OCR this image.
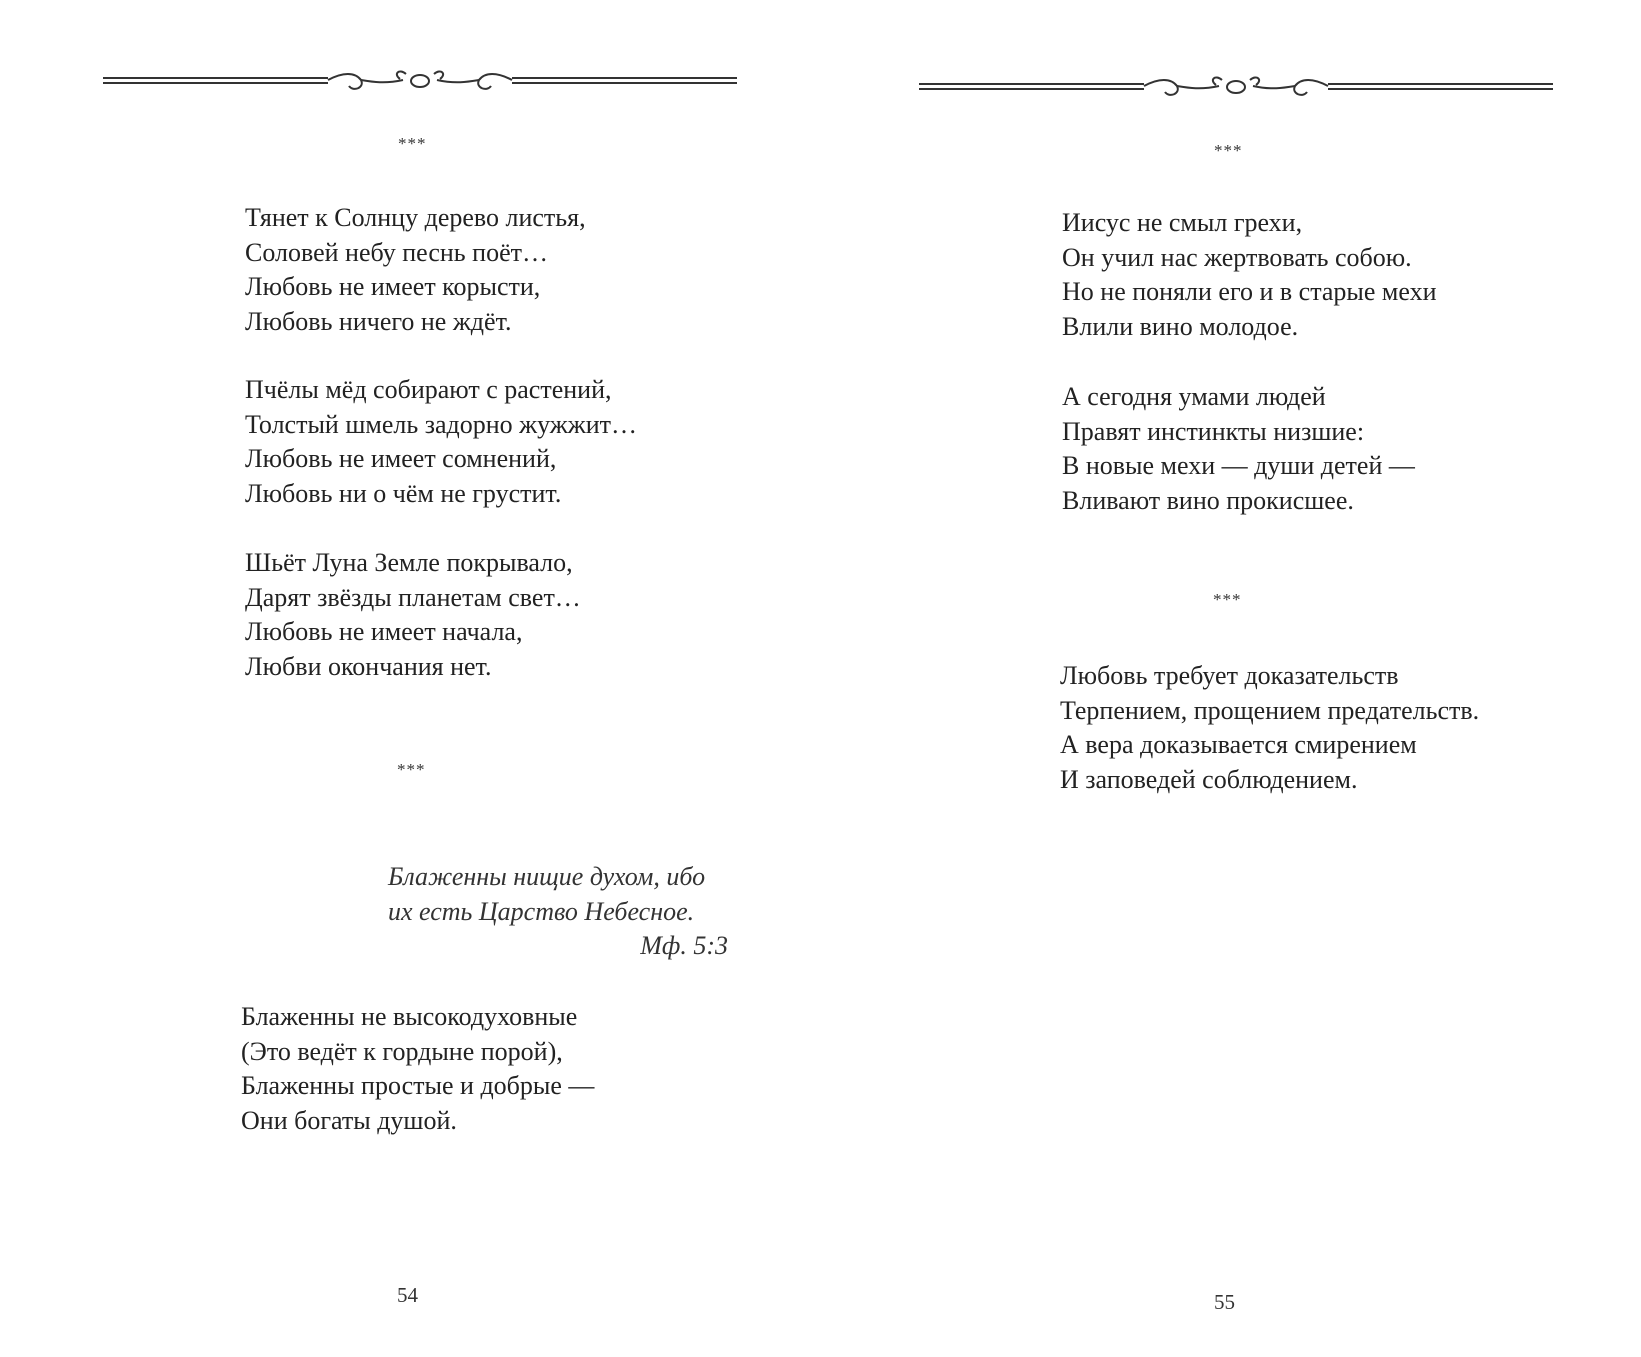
***
Тянет к Солнцу дерево листья,
Соловей небу песнь поёт…
Любовь не имеет корысти,
Любовь ничего не ждёт.
Пчёлы мёд собирают с растений,
Толстый шмель задорно жужжит…
Любовь не имеет сомнений,
Любовь ни о чём не грустит.
Шьёт Луна Земле покрывало,
Дарят звёзды планетам свет…
Любовь не имеет начала,
Любви окончания нет.
***
Блаженны нищие духом, ибо
их есть Царство Небесное.
Мф. 5:3
Блаженны не высокодуховные
(Это ведёт к гордыне порой),
Блаженны простые и добрые —
Они богаты душой.
54
***
Иисус не смыл грехи,
Он учил нас жертвовать собою.
Но не поняли его и в старые мехи
Влили вино молодое.
А сегодня умами людей
Правят инстинкты низшие:
В новые мехи — души детей —
Вливают вино прокисшее.
***
Любовь требует доказательств
Терпением, прощением предательств.
А вера доказывается смирением
И заповедей соблюдением.
55
